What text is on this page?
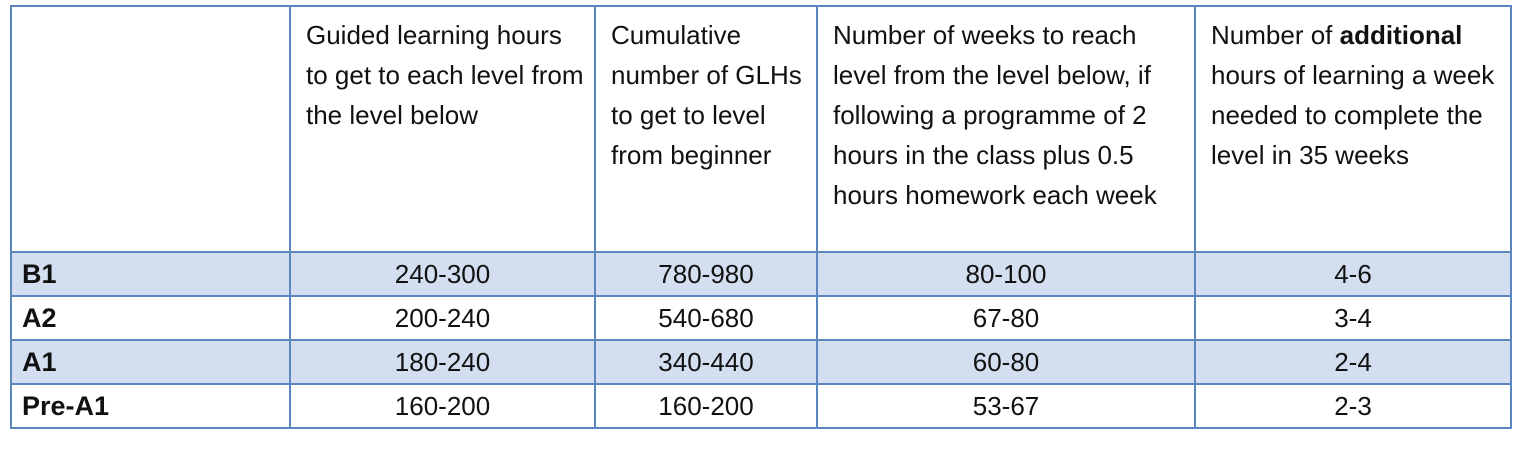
	Guided learning hours to get to each level from the level below	Cumulative number of GLHs to get to level from beginner	Number of weeks to reach level from the level below, if following a programme of 2 hours in the class plus 0.5 hours homework each week	Number of additional hours of learning a week needed to complete the level in 35 weeks
B1	240-300	780-980	80-100	4-6
A2	200-240	540-680	67-80	3-4
A1	180-240	340-440	60-80	2-4
Pre-A1	160-200	160-200	53-67	2-3
